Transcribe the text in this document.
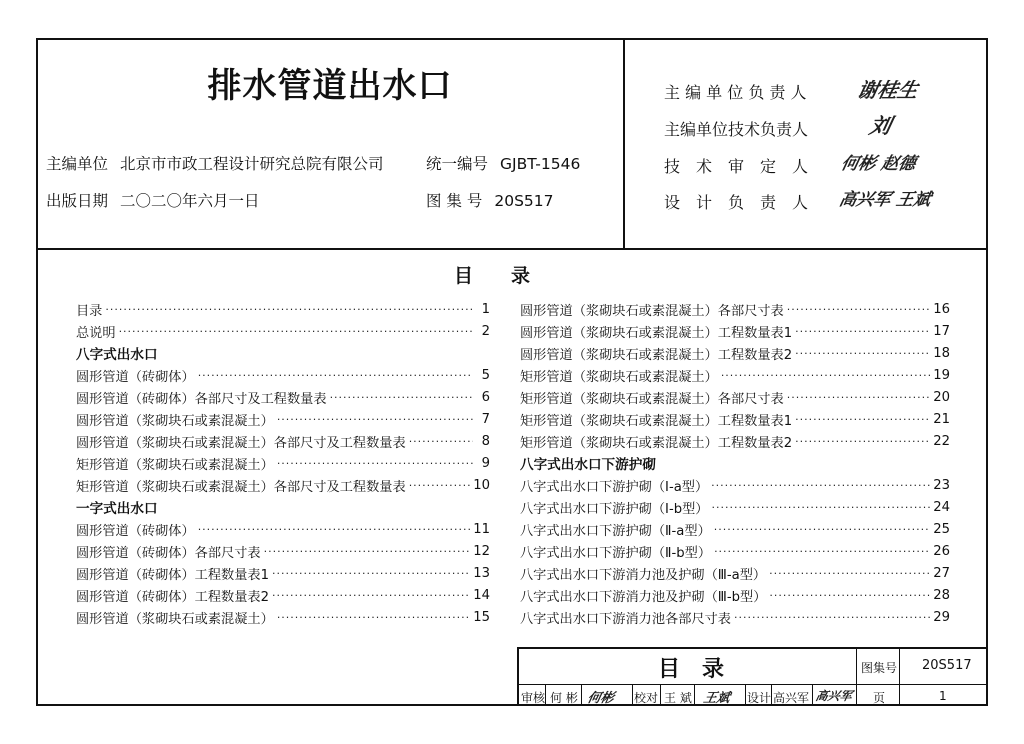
排水管道出水口
主编单位 北京市市政工程设计研究总院有限公司	统一编号 GJBT-1546
出版日期 二〇二〇年六月一日	图 集 号 20S517
主 编 单 位 负 责 人 谢桂生
主编单位技术负责人	刘
技　术　审　定　人 何彬 赵德
设　计　负　责　人 高兴军 王斌
目　　录
目录 ·····	1
总说明 ·····	2
八字式出水口
圆形管道（砖砌体） ·····	5
圆形管道（砖砌体）各部尺寸及工程数量表 ·····	6
圆形管道（浆砌块石或素混凝土） ·····	7
圆形管道（浆砌块石或素混凝土）各部尺寸及工程数量表 ·····	8
矩形管道（浆砌块石或素混凝土） ·····	9
矩形管道（浆砌块石或素混凝土）各部尺寸及工程数量表 ·····	10
一字式出水口
圆形管道（砖砌体） ·····	11
圆形管道（砖砌体）各部尺寸表 ·····	12
圆形管道（砖砌体）工程数量表1 ·····	13
圆形管道（砖砌体）工程数量表2 ·····	14
圆形管道（浆砌块石或素混凝土） ·····	15
圆形管道（浆砌块石或素混凝土）各部尺寸表 ·····	16
圆形管道（浆砌块石或素混凝土）工程数量表1 ·····	17
圆形管道（浆砌块石或素混凝土）工程数量表2 ·····	18
矩形管道（浆砌块石或素混凝土） ·····	19
矩形管道（浆砌块石或素混凝土）各部尺寸表 ·····	20
矩形管道（浆砌块石或素混凝土）工程数量表1 ·····	21
矩形管道（浆砌块石或素混凝土）工程数量表2 ·····	22
八字式出水口下游护砌
八字式出水口下游护砌（Ⅰ-a型） ·····	23
八字式出水口下游护砌（Ⅰ-b型） ·····	24
八字式出水口下游护砌（Ⅱ-a型） ·····	25
八字式出水口下游护砌（Ⅱ-b型） ·····	26
八字式出水口下游消力池及护砌（Ⅲ-a型） ·····	27
八字式出水口下游消力池及护砌（Ⅲ-b型） ·····	28
八字式出水口下游消力池各部尺寸表 ·····	29
目　录	图集号 20S517
审核 何 彬 何彬 校对 王 斌 王斌 设计 高兴军 高兴军 页	1
